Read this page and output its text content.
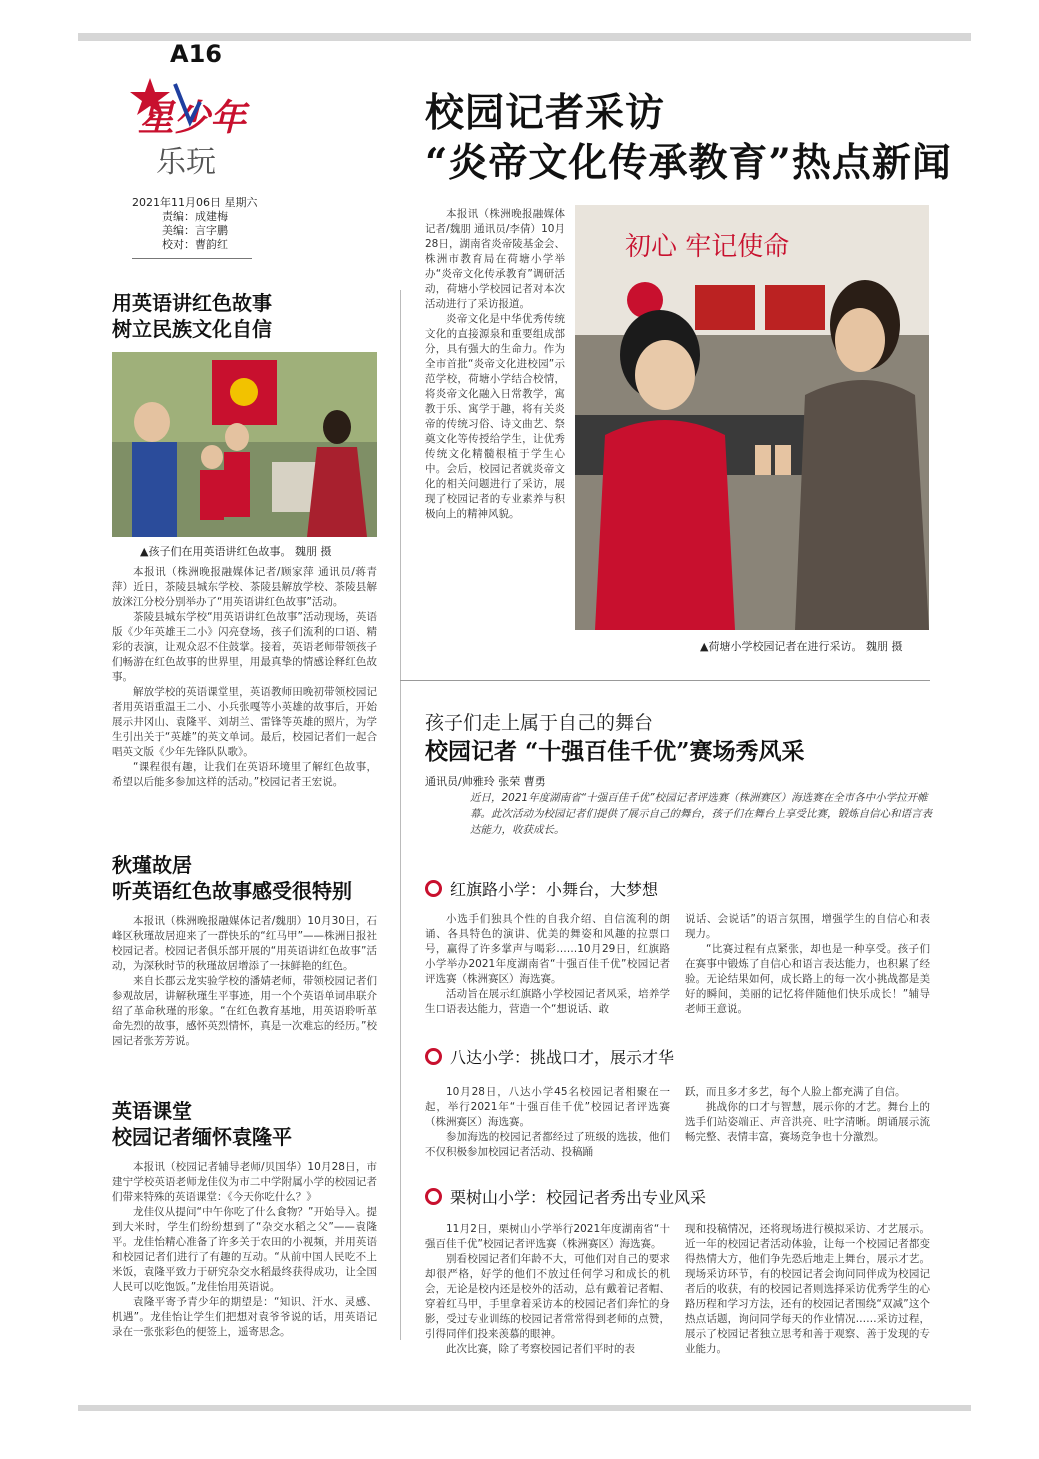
A16
星少年
乐玩
2021年11月06日 星期六
责编：成建梅
美编：言字鹏
校对：曹韵红
校园记者采访
“炎帝文化传承教育”热点新闻

本报讯（株洲晚报融媒体记者/魏朋 通讯员/李倩）10月28日，湖南省炎帝陵基金会、株洲市教育局在荷塘小学举办“炎帝文化传承教育”调研活动，荷塘小学校园记者对本次活动进行了采访报道。

炎帝文化是中华优秀传统文化的直接源泉和重要组成部分，具有强大的生命力。作为全市首批“炎帝文化进校园”示范学校，荷塘小学结合校情，将炎帝文化融入日常教学，寓教于乐、寓学于趣，将有关炎帝的传统习俗、诗文曲艺、祭奠文化等传授给学生，让优秀传统文化精髓根植于学生心中。会后，校园记者就炎帝文化的相关问题进行了采访，展现了校园记者的专业素养与积极向上的精神风貌。

初心 牢记使命
▲荷塘小学校园记者在进行采访。 魏朋 摄
用英语讲红色故事
树立民族文化自信
▲孩子们在用英语讲红色故事。 魏朋 摄

本报讯（株洲晚报融媒体记者/顾家萍 通讯员/蒋青萍）近日，茶陵县城东学校、茶陵县解放学校、茶陵县解放洣江分校分别举办了“用英语讲红色故事”活动。

茶陵县城东学校“用英语讲红色故事”活动现场，英语版《少年英雄王二小》闪亮登场，孩子们流利的口语、精彩的表演，让观众忍不住鼓掌。接着，英语老师带领孩子们畅游在红色故事的世界里，用最真挚的情感诠释红色故事。

解放学校的英语课堂里，英语教师田晚初带领校园记者用英语重温王二小、小兵张嘎等小英雄的故事后，开始展示井冈山、袁隆平、刘胡兰、雷锋等英雄的照片，为学生引出关于“英雄”的英文单词。最后，校园记者们一起合唱英文版《少年先锋队队歌》。

“课程很有趣，让我们在英语环境里了解红色故事，希望以后能多参加这样的活动。”校园记者王宏说。

秋瑾故居
听英语红色故事感受很特别

本报讯（株洲晚报融媒体记者/魏朋）10月30日，石峰区秋瑾故居迎来了一群快乐的“红马甲”——株洲日报社校园记者。校园记者俱乐部开展的“用英语讲红色故事”活动，为深秋时节的秋瑾故居增添了一抹鲜艳的红色。

来自长郡云龙实验学校的潘婧老师，带领校园记者们参观故居，讲解秋瑾生平事迹，用一个个英语单词串联介绍了革命秋瑾的形象。“在红色教育基地，用英语聆听革命先烈的故事，感怀英烈情怀，真是一次难忘的经历。”校园记者张芳芳说。

英语课堂
校园记者缅怀袁隆平

本报讯（校园记者辅导老师/贝国华）10月28日，市建宁学校英语老师龙佳仪为市二中学附属小学的校园记者们带来特殊的英语课堂：《今天你吃什么？》

龙佳仪从提问“中午你吃了什么食物？”开始导入。提到大米时，学生们纷纷想到了“杂交水稻之父”——袁隆平。龙佳怡精心准备了许多关于农田的小视频，并用英语和校园记者们进行了有趣的互动。“从前中国人民吃不上米饭，袁隆平致力于研究杂交水稻最终获得成功，让全国人民可以吃饱饭。”龙佳怡用英语说。

袁隆平寄予青少年的期望是：“知识、汗水、灵感、机遇”。龙佳怡让学生们把想对袁爷爷说的话，用英语记录在一张张彩色的便签上，遥寄思念。

孩子们走上属于自己的舞台
校园记者 “十强百佳千优”赛场秀风采
通讯员/帅雅玲 张荣 曹勇
近日，2021年度湖南省“十强百佳千优”校园记者评选赛（株洲赛区）海选赛在全市各中小学拉开帷幕。此次活动为校园记者们提供了展示自己的舞台，孩子们在舞台上享受比赛，锻炼自信心和语言表达能力，收获成长。
红旗路小学：小舞台，大梦想

小选手们独具个性的自我介绍、自信流利的朗诵、各具特色的演讲、优美的舞姿和风趣的拉票口号，赢得了许多掌声与喝彩……10月29日，红旗路小学举办2021年度湖南省“十强百佳千优”校园记者评选赛（株洲赛区）海选赛。

活动旨在展示红旗路小学校园记者风采，培养学生口语表达能力，营造一个“想说话、敢

说话、会说话”的语言氛围，增强学生的自信心和表现力。

“比赛过程有点紧张，却也是一种享受。孩子们在赛事中锻炼了自信心和语言表达能力，也积累了经验。无论结果如何，成长路上的每一次小挑战都是美好的瞬间，美丽的记忆将伴随他们快乐成长！”辅导老师王意说。

八达小学：挑战口才，展示才华

10月28日，八达小学45名校园记者相聚在一起，举行2021年“十强百佳千优”校园记者评选赛（株洲赛区）海选赛。

参加海选的校园记者都经过了班级的选拔，他们不仅积极参加校园记者活动、投稿踊

跃，而且多才多艺，每个人脸上都充满了自信。

挑战你的口才与智慧，展示你的才艺。舞台上的选手们站姿端正、声音洪亮、吐字清晰。朗诵展示流畅完整、表情丰富，赛场竞争也十分激烈。

栗树山小学：校园记者秀出专业风采

11月2日，栗树山小学举行2021年度湖南省“十强百佳千优”校园记者评选赛（株洲赛区）海选赛。

别看校园记者们年龄不大，可他们对自己的要求却很严格，好学的他们不放过任何学习和成长的机会，无论是校内还是校外的活动，总有戴着记者帽、穿着红马甲，手里拿着采访本的校园记者们奔忙的身影，受过专业训练的校园记者常常得到老师的点赞，引得同伴们投来羡慕的眼神。

此次比赛，除了考察校园记者们平时的表

现和投稿情况，还将现场进行模拟采访、才艺展示。近一年的校园记者活动体验，让每一个校园记者都变得热情大方，他们争先恐后地走上舞台，展示才艺。现场采访环节，有的校园记者会询问同伴成为校园记者后的收获，有的校园记者则选择采访优秀学生的心路历程和学习方法，还有的校园记者围绕“双减”这个热点话题，询问同学每天的作业情况……采访过程，展示了校园记者独立思考和善于观察、善于发现的专业能力。
